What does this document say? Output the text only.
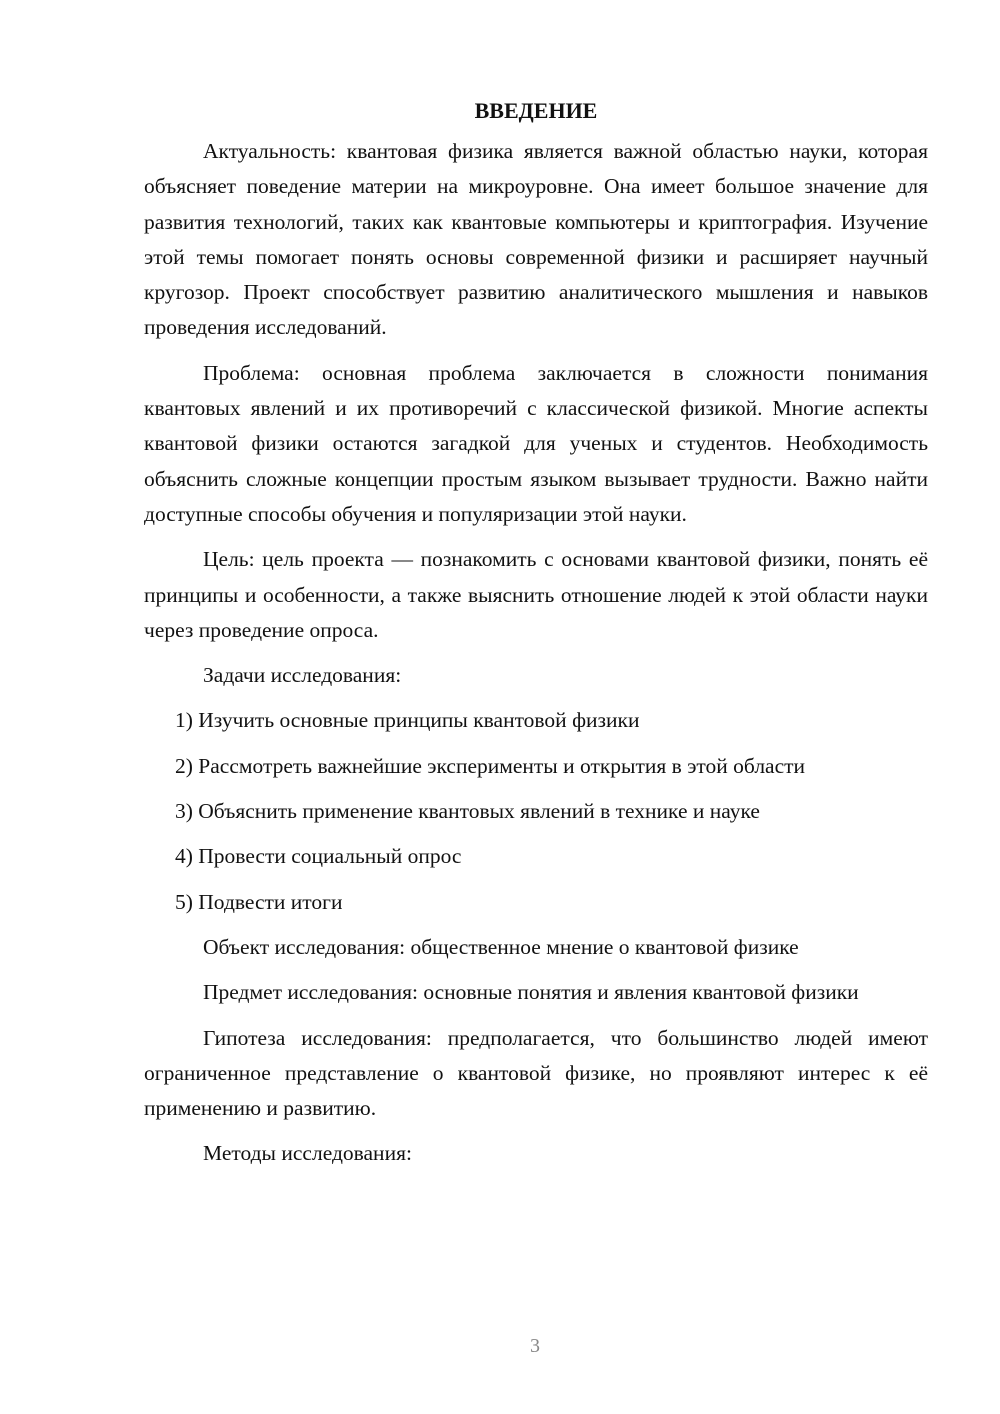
ВВЕДЕНИЕ

Актуальность: квантовая физика является важной областью науки, которая объясняет поведение материи на микроуровне. Она имеет большое значение для развития технологий, таких как квантовые компьютеры и криптография. Изучение этой темы помогает понять основы современной физики и расширяет научный кругозор. Проект способствует развитию аналитического мышления и навыков проведения исследований.

Проблема: основная проблема заключается в сложности понимания квантовых явлений и их противоречий с классической физикой. Многие аспекты квантовой физики остаются загадкой для ученых и студентов. Необходимость объяснить сложные концепции простым языком вызывает трудности. Важно найти доступные способы обучения и популяризации этой науки.

Цель: цель проекта — познакомить с основами квантовой физики, понять её принципы и особенности, а также выяснить отношение людей к этой области науки через проведение опроса.

Задачи исследования:

1) Изучить основные принципы квантовой физики

2) Рассмотреть важнейшие эксперименты и открытия в этой области

3) Объяснить применение квантовых явлений в технике и науке

4) Провести социальный опрос

5) Подвести итоги

Объект исследования: общественное мнение о квантовой физике

Предмет исследования: основные понятия и явления квантовой физики

Гипотеза исследования: предполагается, что большинство людей имеют ограниченное представление о квантовой физике, но проявляют интерес к её применению и развитию.

Методы исследования:

3
